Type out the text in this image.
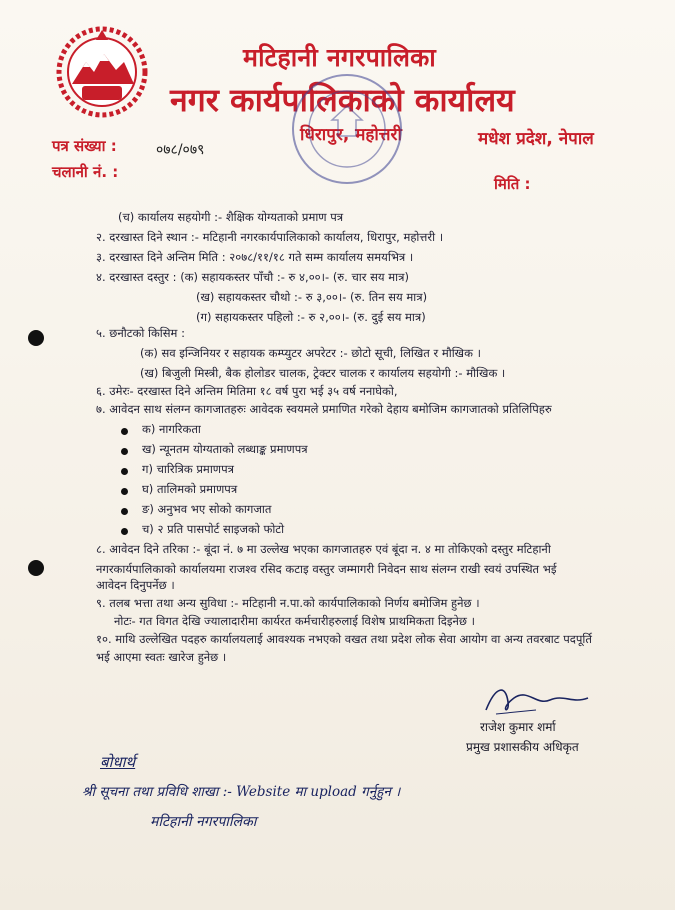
मटिहानी नगरपालिका
नगर कार्यपालिकाको कार्यालय
धिरापुर, महोत्तरी	मधेश प्रदेश, नेपाल
पत्र संख्या :	०७८/०७९
चलानी नं. :
मिति :
(च) कार्यालय सहयोगी :- शैक्षिक योग्यताको प्रमाण पत्र
२. दरखास्त दिने स्थान :- मटिहानी नगरकार्यपालिकाको कार्यालय, धिरापुर, महोत्तरी ।
३. दरखास्त दिने अन्तिम मिति : २०७८/११/१८ गते सम्म कार्यालय समयभित्र ।
४. दरखास्त दस्तुर : (क) सहायकस्तर पाँचौ :- रु ४,००।- (रु. चार सय मात्र)
(ख) सहायकस्तर चौथो :- रु ३,००।- (रु. तिन सय मात्र)
(ग) सहायकस्तर पहिलो :- रु २,००।- (रु. दुई सय मात्र)
५. छनौटको किसिम :
(क) सव इन्जिनियर र सहायक कम्प्युटर अपरेटर :- छोटो सूची, लिखित र मौखिक ।
(ख) बिजुली मिस्त्री, बैक होलोडर चालक, ट्रेक्टर चालक र कार्यालय सहयोगी :- मौखिक ।
६. उमेरः- दरखास्त दिने अन्तिम मितिमा १८ वर्ष पुरा भई ३५ वर्ष ननाघेको,
७. आवेदन साथ संलग्न कागजातहरुः आवेदक स्वयमले प्रमाणित गरेको देहाय बमोजिम कागजातको प्रतिलिपिहरु
क) नागरिकता
ख) न्यूनतम योग्यताको लब्धाङ्क प्रमाणपत्र
ग) चारित्रिक प्रमाणपत्र
घ) तालिमको प्रमाणपत्र
ङ) अनुभव भए सोको कागजात
च) २ प्रति पासपोर्ट साइजको फोटो
८. आवेदन दिने तरिका :- बूंदा नं. ७ मा उल्लेख भएका कागजातहरु एवं बूंदा न. ४ मा तोकिएको दस्तुर मटिहानी
नगरकार्यपालिकाको कार्यालयमा राजश्व रसिद कटाइ वस्तुर जम्मागरी निवेदन साथ संलग्न राखी स्वयं उपस्थित भई
आवेदन दिनुपर्नेछ ।
९. तलब भत्ता तथा अन्य सुविधा :- मटिहानी न.पा.को कार्यपालिकाको निर्णय बमोजिम हुनेछ ।
नोटः- गत विगत देखि ज्यालादारीमा कार्यरत कर्मचारीहरुलाई विशेष प्राथमिकता दिइनेछ ।
१०. माथि उल्लेखित पदहरु कार्यालयलाई आवश्यक नभएको वखत तथा प्रदेश लोक सेवा आयोग वा अन्य तवरबाट पदपूर्ति
भई आएमा स्वतः खारेज हुनेछ ।
राजेश कुमार शर्मा
प्रमुख प्रशासकीय अधिकृत
बोधार्थ
श्री सूचना तथा प्रविधि शाखा :- Website मा upload गर्नुहुन ।
मटिहानी नगरपालिका
